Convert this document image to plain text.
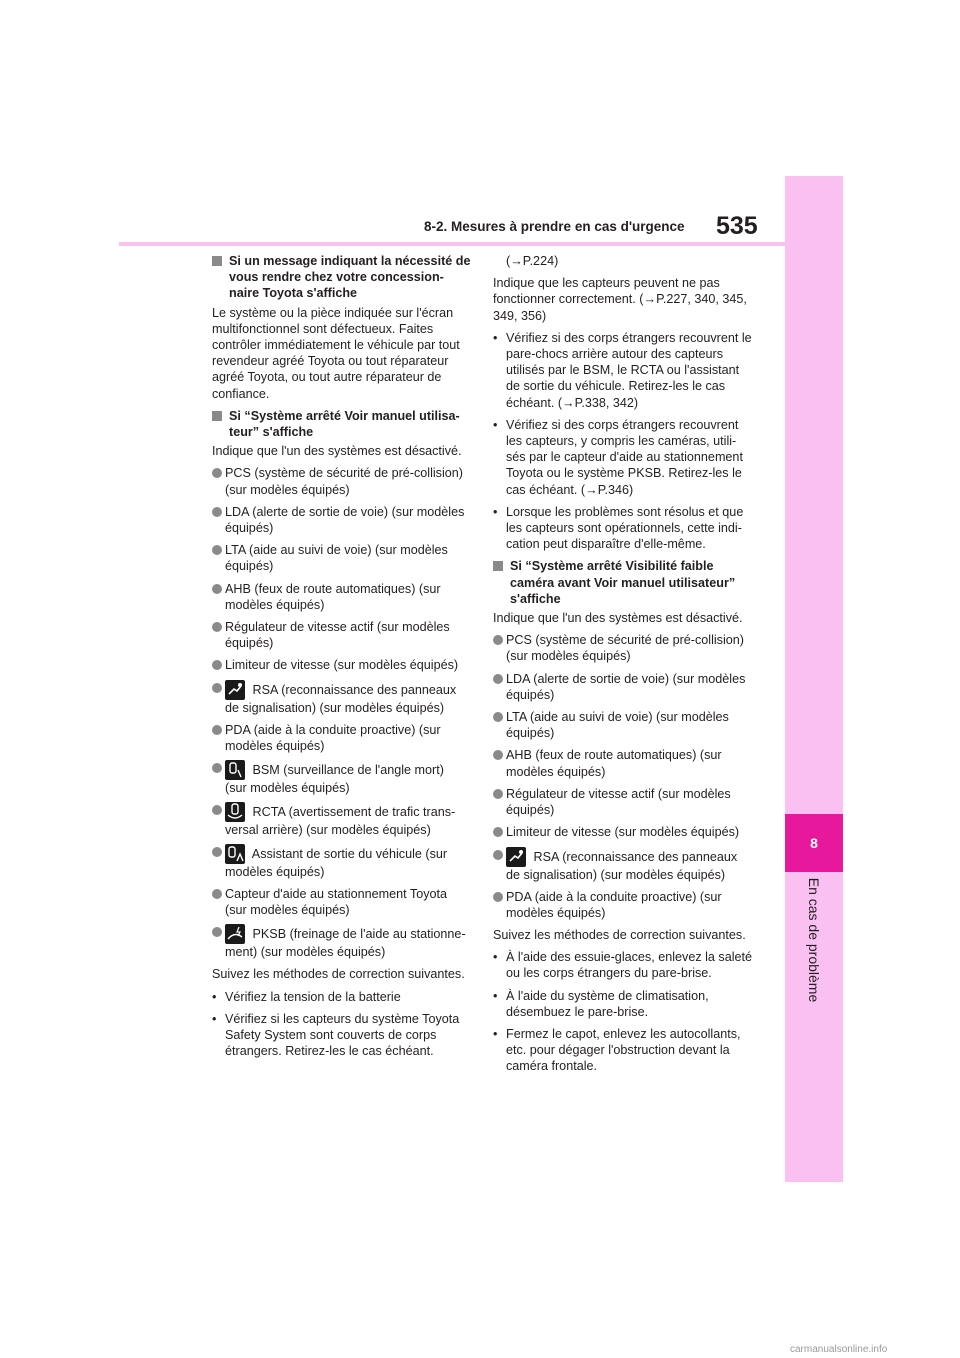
8
En cas de problème
8-2. Mesures à prendre en cas d'urgence 535
Si un message indiquant la nécessité de vous rendre chez votre concession-naire Toyota s'affiche

Le système ou la pièce indiquée sur l'écran multifonctionnel sont défectueux. Faites contrôler immédiatement le véhicule par tout revendeur agréé Toyota ou tout réparateur agréé Toyota, ou tout autre réparateur de confiance.

Si “Système arrêté Voir manuel utilisa-teur” s'affiche

Indique que l'un des systèmes est désactivé.

PCS (système de sécurité de pré-collision) (sur modèles équipés)
LDA (alerte de sortie de voie) (sur modèles équipés)
LTA (aide au suivi de voie) (sur modèles équipés)
AHB (feux de route automatiques) (sur modèles équipés)
Régulateur de vitesse actif (sur modèles équipés)
Limiteur de vitesse (sur modèles équipés)
RSA (reconnaissance des panneaux
de signalisation) (sur modèles équipés)
PDA (aide à la conduite proactive) (sur modèles équipés)
BSM (surveillance de l'angle mort)
(sur modèles équipés)
RCTA (avertissement de trafic trans-
versal arrière) (sur modèles équipés)
Assistant de sortie du véhicule (sur
modèles équipés)
Capteur d'aide au stationnement Toyota (sur modèles équipés)
PKSB (freinage de l'aide au stationne-
ment) (sur modèles équipés)

Suivez les méthodes de correction suivantes.

• Vérifiez la tension de la batterie
• Vérifiez si les capteurs du système Toyota Safety System sont couverts de corps étrangers. Retirez-les le cas échéant.

(→P.224)

Indique que les capteurs peuvent ne pas fonctionner correctement. (→P.227, 340, 345, 349, 356)

• Vérifiez si des corps étrangers recouvrent le pare-chocs arrière autour des capteurs utilisés par le BSM, le RCTA ou l'assistant de sortie du véhicule. Retirez-les le cas échéant. (→P.338, 342)
• Vérifiez si des corps étrangers recouvrent les capteurs, y compris les caméras, utili-sés par le capteur d'aide au stationnement Toyota ou le système PKSB. Retirez-les le cas échéant. (→P.346)
• Lorsque les problèmes sont résolus et que les capteurs sont opérationnels, cette indi-cation peut disparaître d'elle-même.
Si “Système arrêté Visibilité faible caméra avant Voir manuel utilisateur” s'affiche

Indique que l'un des systèmes est désactivé.

PCS (système de sécurité de pré-collision) (sur modèles équipés)
LDA (alerte de sortie de voie) (sur modèles équipés)
LTA (aide au suivi de voie) (sur modèles équipés)
AHB (feux de route automatiques) (sur modèles équipés)
Régulateur de vitesse actif (sur modèles équipés)
Limiteur de vitesse (sur modèles équipés)
RSA (reconnaissance des panneaux
de signalisation) (sur modèles équipés)
PDA (aide à la conduite proactive) (sur modèles équipés)

Suivez les méthodes de correction suivantes.

• À l'aide des essuie-glaces, enlevez la saleté ou les corps étrangers du pare-brise.
• À l'aide du système de climatisation, désembuez le pare-brise.
• Fermez le capot, enlevez les autocollants, etc. pour dégager l'obstruction devant la caméra frontale.
carmanualsonline.info
